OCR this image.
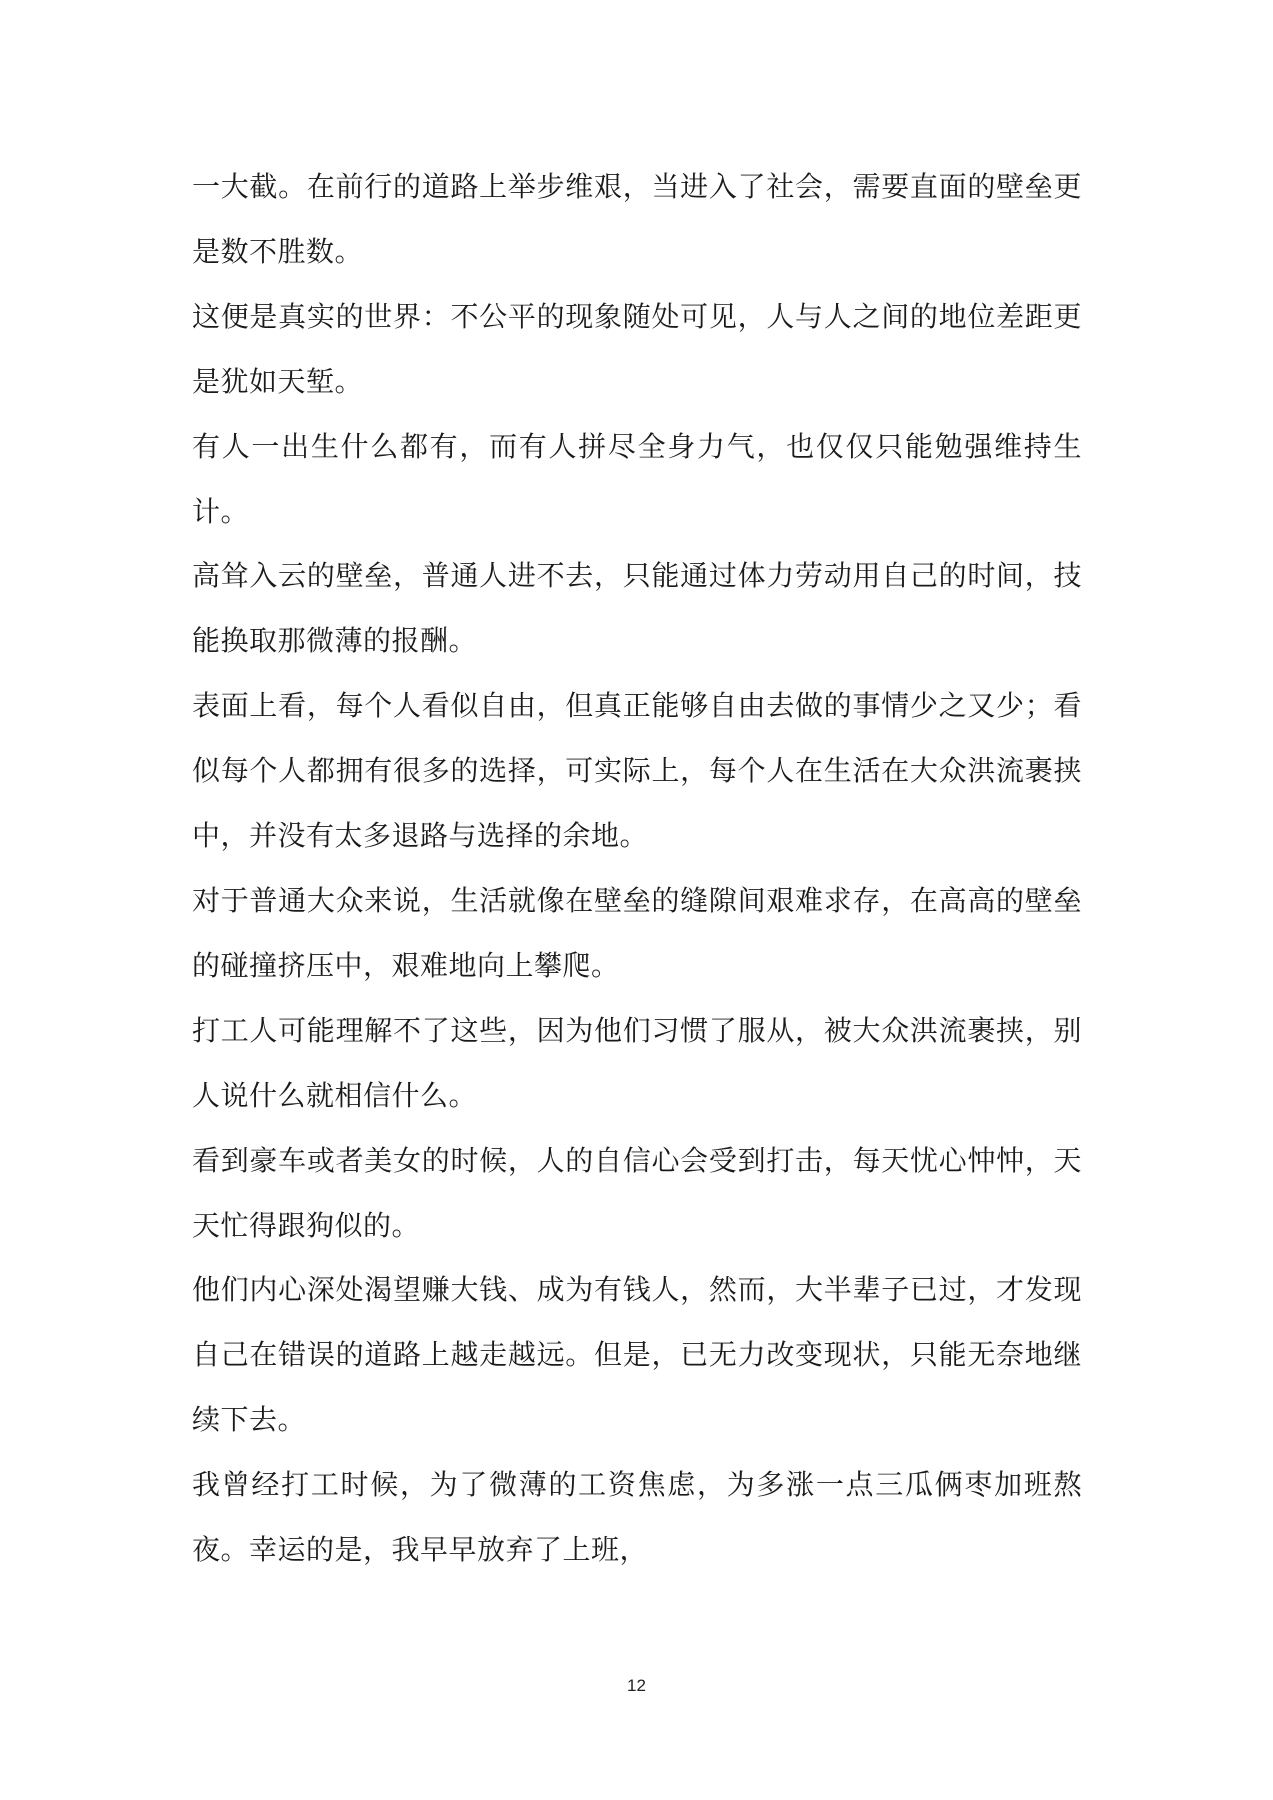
一大截。在前行的道路上举步维艰，当进入了社会，需要直面的壁垒更是数不胜数。

这便是真实的世界：不公平的现象随处可见，人与人之间的地位差距更是犹如天堑。

有人一出生什么都有，而有人拼尽全身力气，也仅仅只能勉强维持生计。

高耸入云的壁垒，普通人进不去，只能通过体力劳动用自己的时间，技能换取那微薄的报酬。

表面上看，每个人看似自由，但真正能够自由去做的事情少之又少；看似每个人都拥有很多的选择，可实际上，每个人在生活在大众洪流裹挟中，并没有太多退路与选择的余地。

对于普通大众来说，生活就像在壁垒的缝隙间艰难求存，在高高的壁垒的碰撞挤压中，艰难地向上攀爬。

打工人可能理解不了这些，因为他们习惯了服从，被大众洪流裹挟，别人说什么就相信什么。

看到豪车或者美女的时候，人的自信心会受到打击，每天忧心忡忡，天天忙得跟狗似的。

他们内心深处渴望赚大钱、成为有钱人，然而，大半辈子已过，才发现自己在错误的道路上越走越远。但是，已无力改变现状，只能无奈地继续下去。

我曾经打工时候，为了微薄的工资焦虑，为多涨一点三瓜俩枣加班熬夜。幸运的是，我早早放弃了上班，

12
